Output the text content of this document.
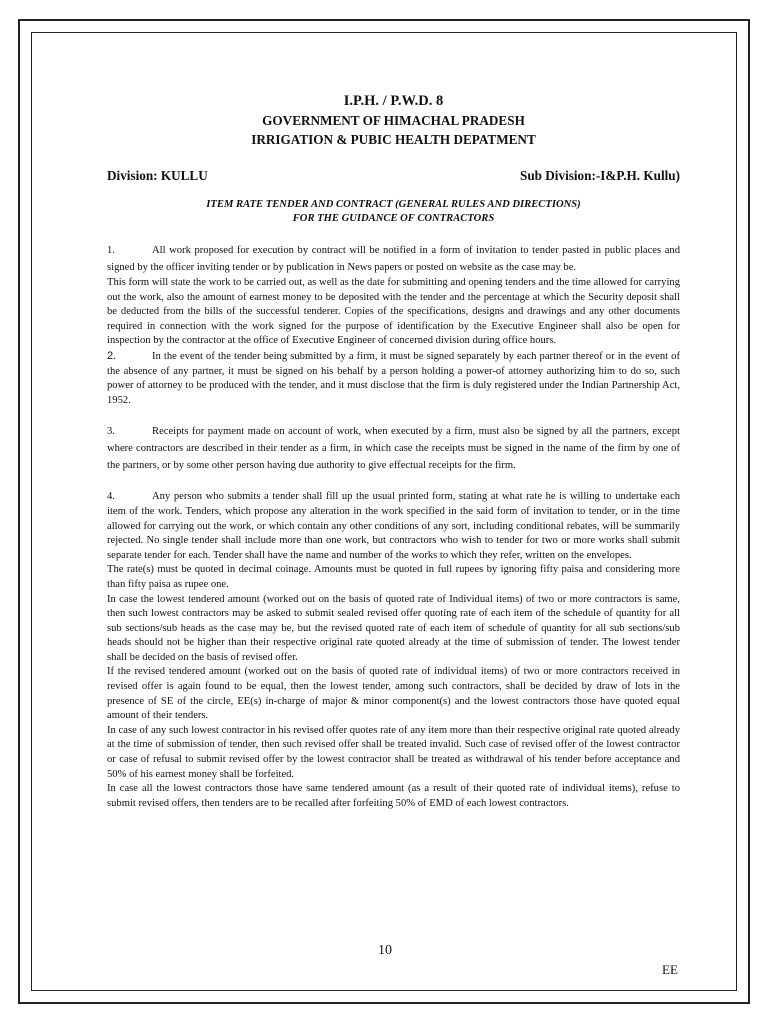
I.P.H. / P.W.D. 8
GOVERNMENT OF HIMACHAL PRADESH
IRRIGATION & PUBIC HEALTH DEPATMENT
Division: KULLU	Sub Division:-I&P.H. Kullu)
ITEM RATE TENDER AND CONTRACT (GENERAL RULES AND DIRECTIONS)
FOR THE GUIDANCE OF CONTRACTORS

1.	All work proposed for execution by contract will be notified in a form of invitation to tender pasted in public places and signed by the officer inviting tender or by publication in News papers or posted on website as the case may be.

This form will state the work to be carried out, as well as the date for submitting and opening tenders and the time allowed for carrying out the work, also the amount of earnest money to be deposited with the tender and the percentage at which the Security deposit shall be deducted from the bills of the successful tenderer. Copies of the specifications, designs and drawings and any other documents required in connection with the work signed for the purpose of identification by the Executive Engineer shall also be open for inspection by the contractor at the office of Executive Engineer of concerned division during office hours.

2.	In the event of the tender being submitted by a firm, it must be signed separately by each partner thereof or in the event of the absence of any partner, it must be signed on his behalf by a person holding a power-of attorney authorizing him to do so, such power of attorney to be produced with the tender, and it must disclose that the firm is duly registered under the Indian Partnership Act, 1952.

3.	Receipts for payment made on account of work, when executed by a firm, must also be signed by all the partners, except where contractors are described in their tender as a firm, in which case the receipts must be signed in the name of the firm by one of the partners, or by some other person having due authority to give effectual receipts for the firm.

4.	Any person who submits a tender shall fill up the usual printed form, stating at what rate he is willing to undertake each item of the work. Tenders, which propose any alteration in the work specified in the said form of invitation to tender, or in the time allowed for carrying out the work, or which contain any other conditions of any sort, including conditional rebates, will be summarily rejected. No single tender shall include more than one work, but contractors who wish to tender for two or more works shall submit separate tender for each. Tender shall have the name and number of the works to which they refer, written on the envelopes.

The rate(s) must be quoted in decimal coinage. Amounts must be quoted in full rupees by ignoring fifty paisa and considering more than fifty paisa as rupee one.

In case the lowest tendered amount (worked out on the basis of quoted rate of Individual items) of two or more contractors is same, then such lowest contractors may be asked to submit sealed revised offer quoting rate of each item of the schedule of quantity for all sub sections/sub heads as the case may be, but the revised quoted rate of each item of schedule of quantity for all sub sections/sub heads should not be higher than their respective original rate quoted already at the time of submission of tender. The lowest tender shall be decided on the basis of revised offer.

If the revised tendered amount (worked out on the basis of quoted rate of individual items) of two or more contractors received in revised offer is again found to be equal, then the lowest tender, among such contractors, shall be decided by draw of lots in the presence of SE of the circle, EE(s) in-charge of major & minor component(s) and the lowest contractors those have quoted equal amount of their tenders.

In case of any such lowest contractor in his revised offer quotes rate of any item more than their respective original rate quoted already at the time of submission of tender, then such revised offer shall be treated invalid. Such case of revised offer of the lowest contractor or case of refusal to submit revised offer by the lowest contractor shall be treated as withdrawal of his tender before acceptance and 50% of his earnest money shall be forfeited.

In case all the lowest contractors those have same tendered amount (as a result of their quoted rate of individual items), refuse to submit revised offers, then tenders are to be recalled after forfeiting 50% of EMD of each lowest contractors.

10
EE
